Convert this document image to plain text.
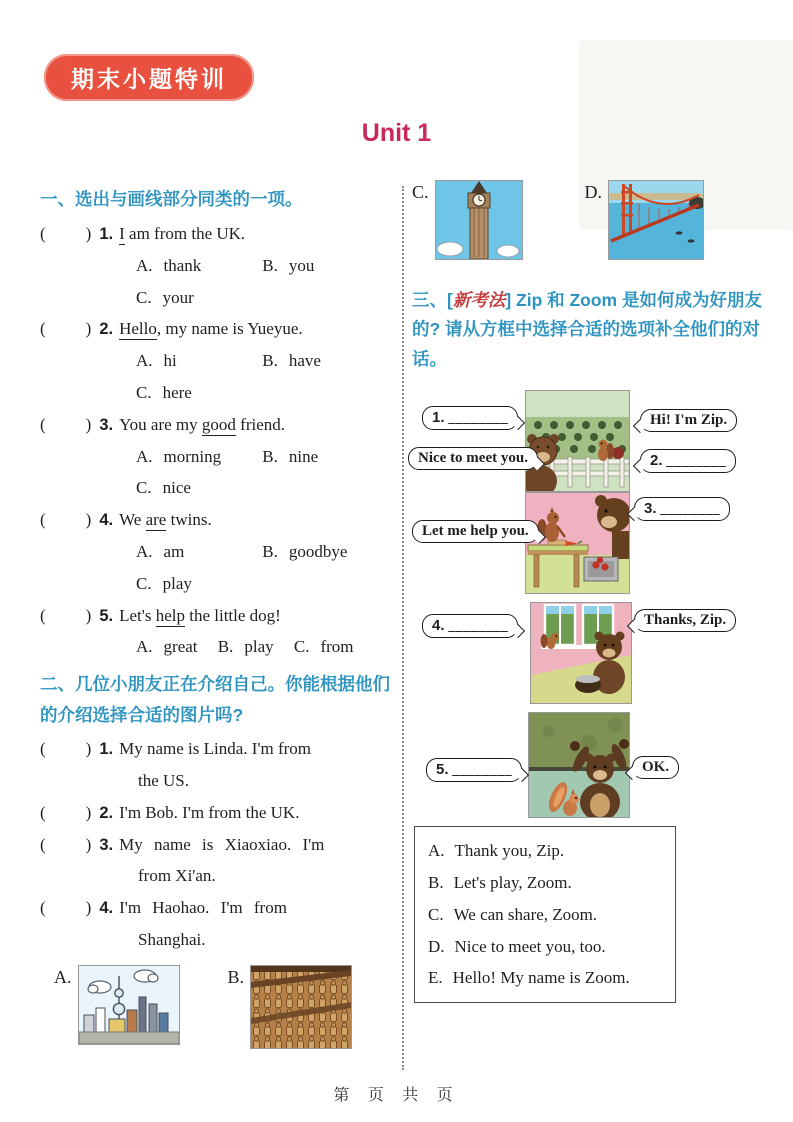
期末小题特训
Unit 1
一、选出与画线部分同类的一项。
( ) 1. I am from the UK.
A. thank	B. you
C. your
( ) 2. Hello, my name is Yueyue.
A. hi	B. have
C. here
( ) 3. You are my good friend.
A. morning B. nine
C. nice
( ) 4. We are twins.
A. am	B. goodbye
C. play
( ) 5. Let's help the little dog!
A. great B. play C. from
二、几位小朋友正在介绍自己。你能根据他们的介绍选择合适的图片吗?
( ) 1. My name is Linda. I'm from
the US.
( ) 2. I'm Bob. I'm from the UK.
( ) 3. My name is Xiaoxiao. I'm
from Xi'an.
( ) 4. I'm Haohao. I'm from
Shanghai.
A.	B.
C.	D.
三、[新考法] Zip 和 Zoom 是如何成为好朋友的? 请从方框中选择合适的选项补全他们的对话。
1. ________	Hi! I'm Zip.
Nice to meet you.	2. ________
Let me help you.
3. ________
4. ________	Thanks, Zip.
5. ________	OK.
A. Thank you, Zip.
B. Let's play, Zoom.
C. We can share, Zoom.
D. Nice to meet you, too.
E. Hello! My name is Zoom.
第 页 共 页
